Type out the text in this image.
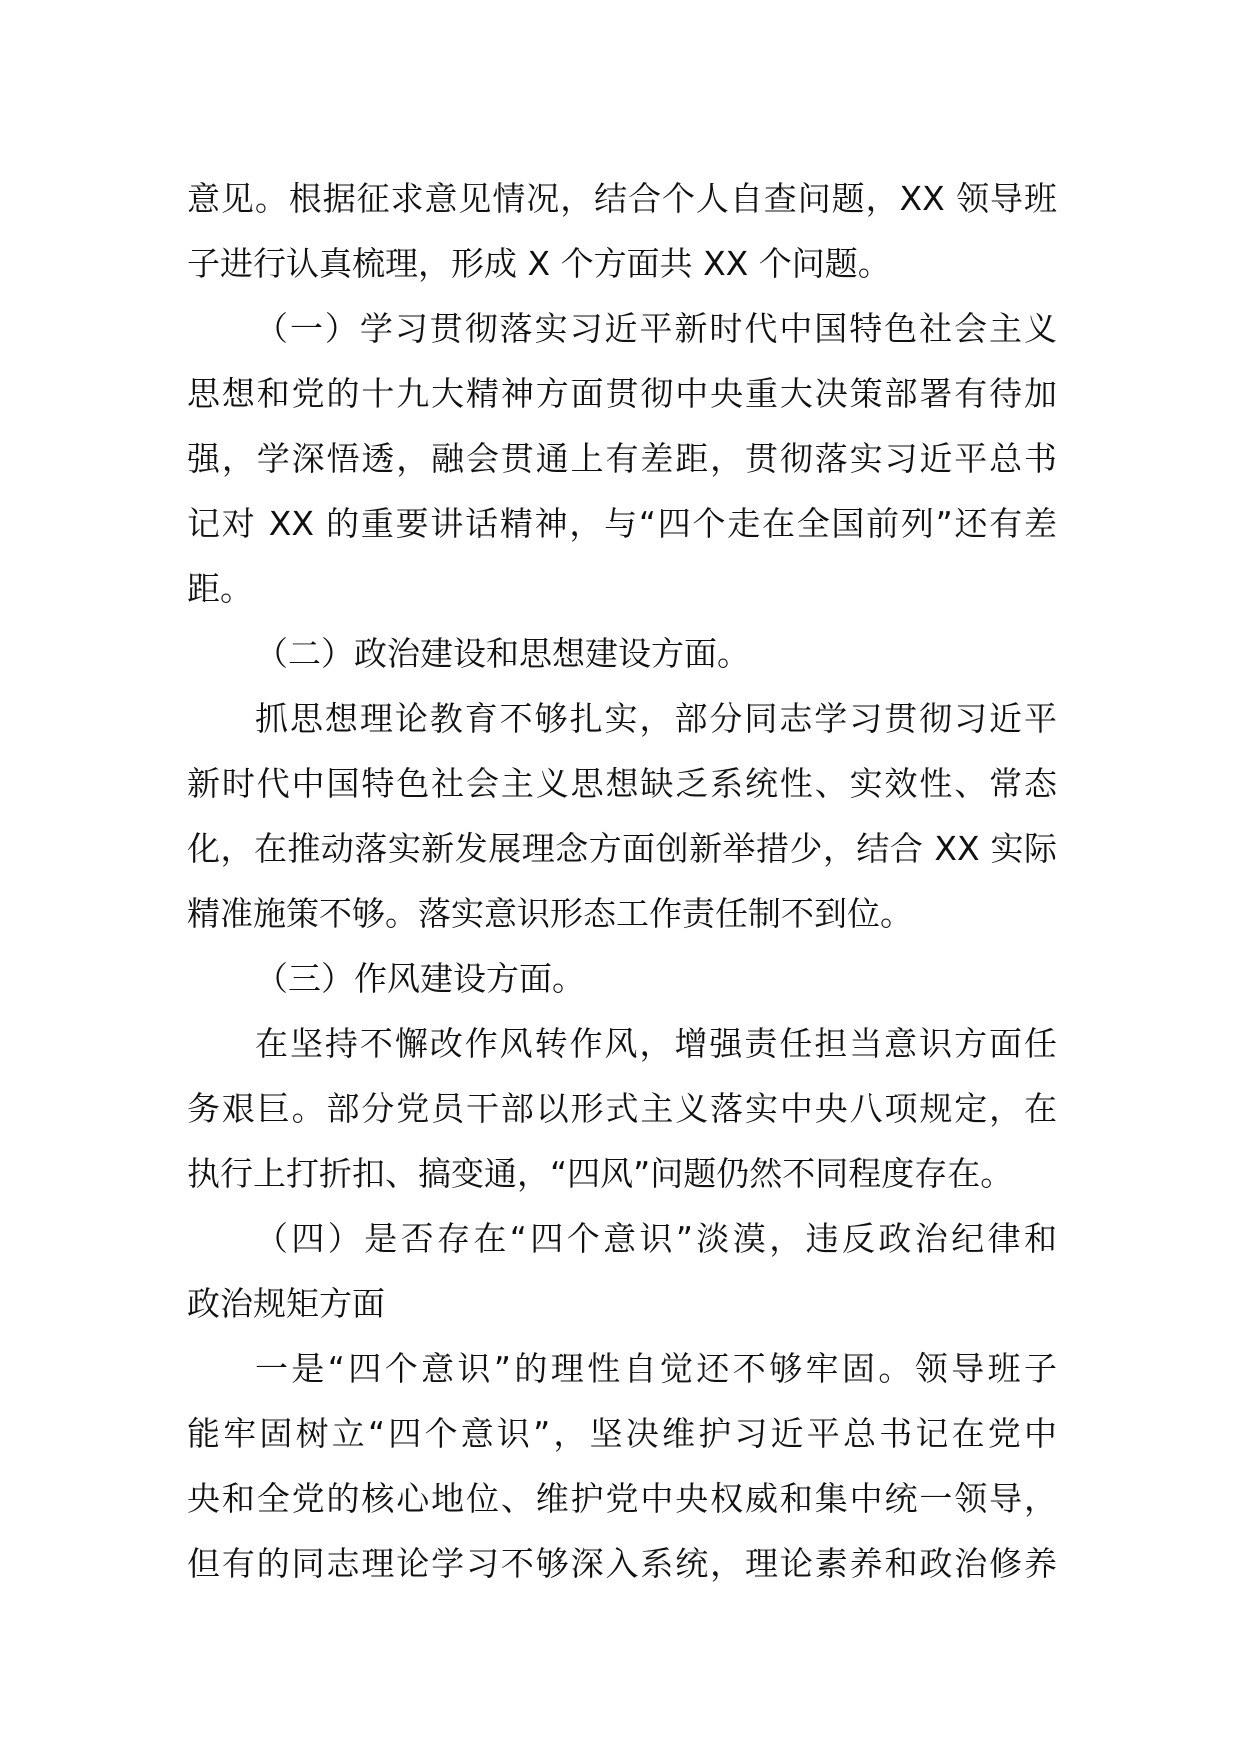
意见。根据征求意见情况，结合个人自查问题，XX 领导班
子进行认真梳理，形成 X 个方面共 XX 个问题。
（一）学习贯彻落实习近平新时代中国特色社会主义
思想和党的十九大精神方面贯彻中央重大决策部署有待加
强，学深悟透，融会贯通上有差距，贯彻落实习近平总书
记对 XX 的重要讲话精神，与“四个走在全国前列”还有差
距。
（二）政治建设和思想建设方面。
抓思想理论教育不够扎实，部分同志学习贯彻习近平
新时代中国特色社会主义思想缺乏系统性、实效性、常态
化，在推动落实新发展理念方面创新举措少，结合 XX 实际
精准施策不够。落实意识形态工作责任制不到位。
（三）作风建设方面。
在坚持不懈改作风转作风，增强责任担当意识方面任
务艰巨。部分党员干部以形式主义落实中央八项规定，在
执行上打折扣、搞变通，“四风”问题仍然不同程度存在。
（四）是否存在“四个意识”淡漠，违反政治纪律和
政治规矩方面
一是“四个意识”的理性自觉还不够牢固。领导班子
能牢固树立“四个意识”，坚决维护习近平总书记在党中
央和全党的核心地位、维护党中央权威和集中统一领导，
但有的同志理论学习不够深入系统，理论素养和政治修养
